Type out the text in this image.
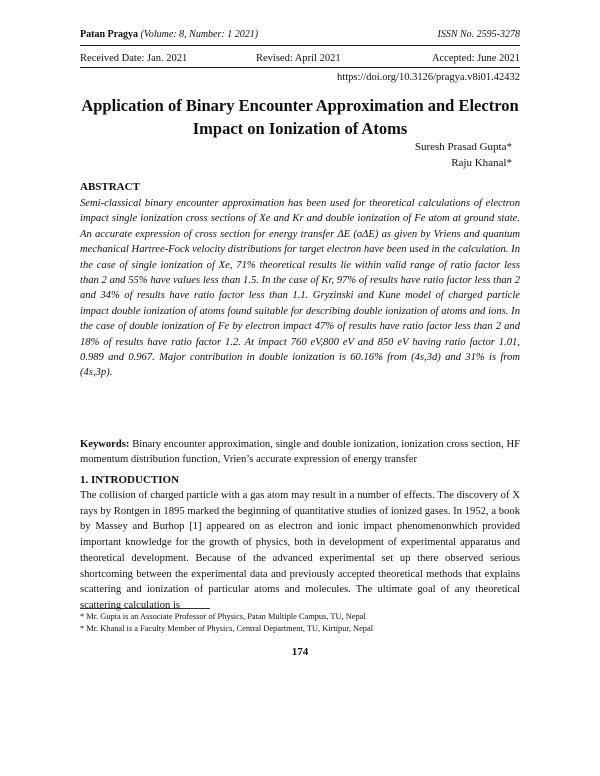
Patan Pragya (Volume: 8, Number: 1 2021)	ISSN No. 2595-3278
Received Date: Jan. 2021	Revised: April 2021	Accepted: June 2021
https://doi.org/10.3126/pragya.v8i01.42432
Application of Binary Encounter Approximation and Electron Impact on Ionization of Atoms
Suresh Prasad Gupta*
Raju Khanal*
ABSTRACT

Semi-classical binary encounter approximation has been used for theoretical calculations of electron impact single ionization cross sections of Xe and Kr and double ionization of Fe atom at ground state. An accurate expression of cross section for energy transfer ΔE (σΔE) as given by Vriens and quantum mechanical Hartree-Fock velocity distributions for target electron have been used in the calculation. In the case of single ionization of Xe, 71% theoretical results lie within valid range of ratio factor less than 2 and 55% have values less than 1.5. In the case of Kr, 97% of results have ratio factor less than 2 and 34% of results have ratio factor less than 1.1. Gryzinski and Kune model of charged particle impact double ionization of atoms found suitable for describing double ionization of atoms and ions. In the case of double ionization of Fe by electron impact 47% of results have ratio factor less than 2 and 18% of results have ratio factor 1.2. At impact 760 eV,800 eV and 850 eV having ratio factor 1.01, 0.989 and 0.967. Major contribution in double ionization is 60.16% from (4s,3d) and 31% is from (4s,3p).

Keywords: Binary encounter approximation, single and double ionization, ionization cross section, HF momentum distribution function, Vrien’s accurate expression of energy transfer

1. INTRODUCTION

The collision of charged particle with a gas atom may result in a number of effects. The discovery of X rays by Rontgen in 1895 marked the beginning of quantitative studies of ionized gases. In 1952, a book by Massey and Burhop [1] appeared on as electron and ionic impact phenomenonwhich provided important knowledge for the growth of physics, both in development of experimental apparatus and theoretical development. Because of the advanced experimental set up there observed serious shortcoming between the experimental data and previously accepted theoretical methods that explains scattering and ionization of particular atoms and molecules. The ultimate goal of any theoretical scattering calculation is

* Mr. Gupta is an Associate Professor of Physics, Patan Multiple Campus, TU, Nepal
* Mr. Khanal is a Faculty Member of Physics, Central Department, TU, Kirtipur, Nepal
174
